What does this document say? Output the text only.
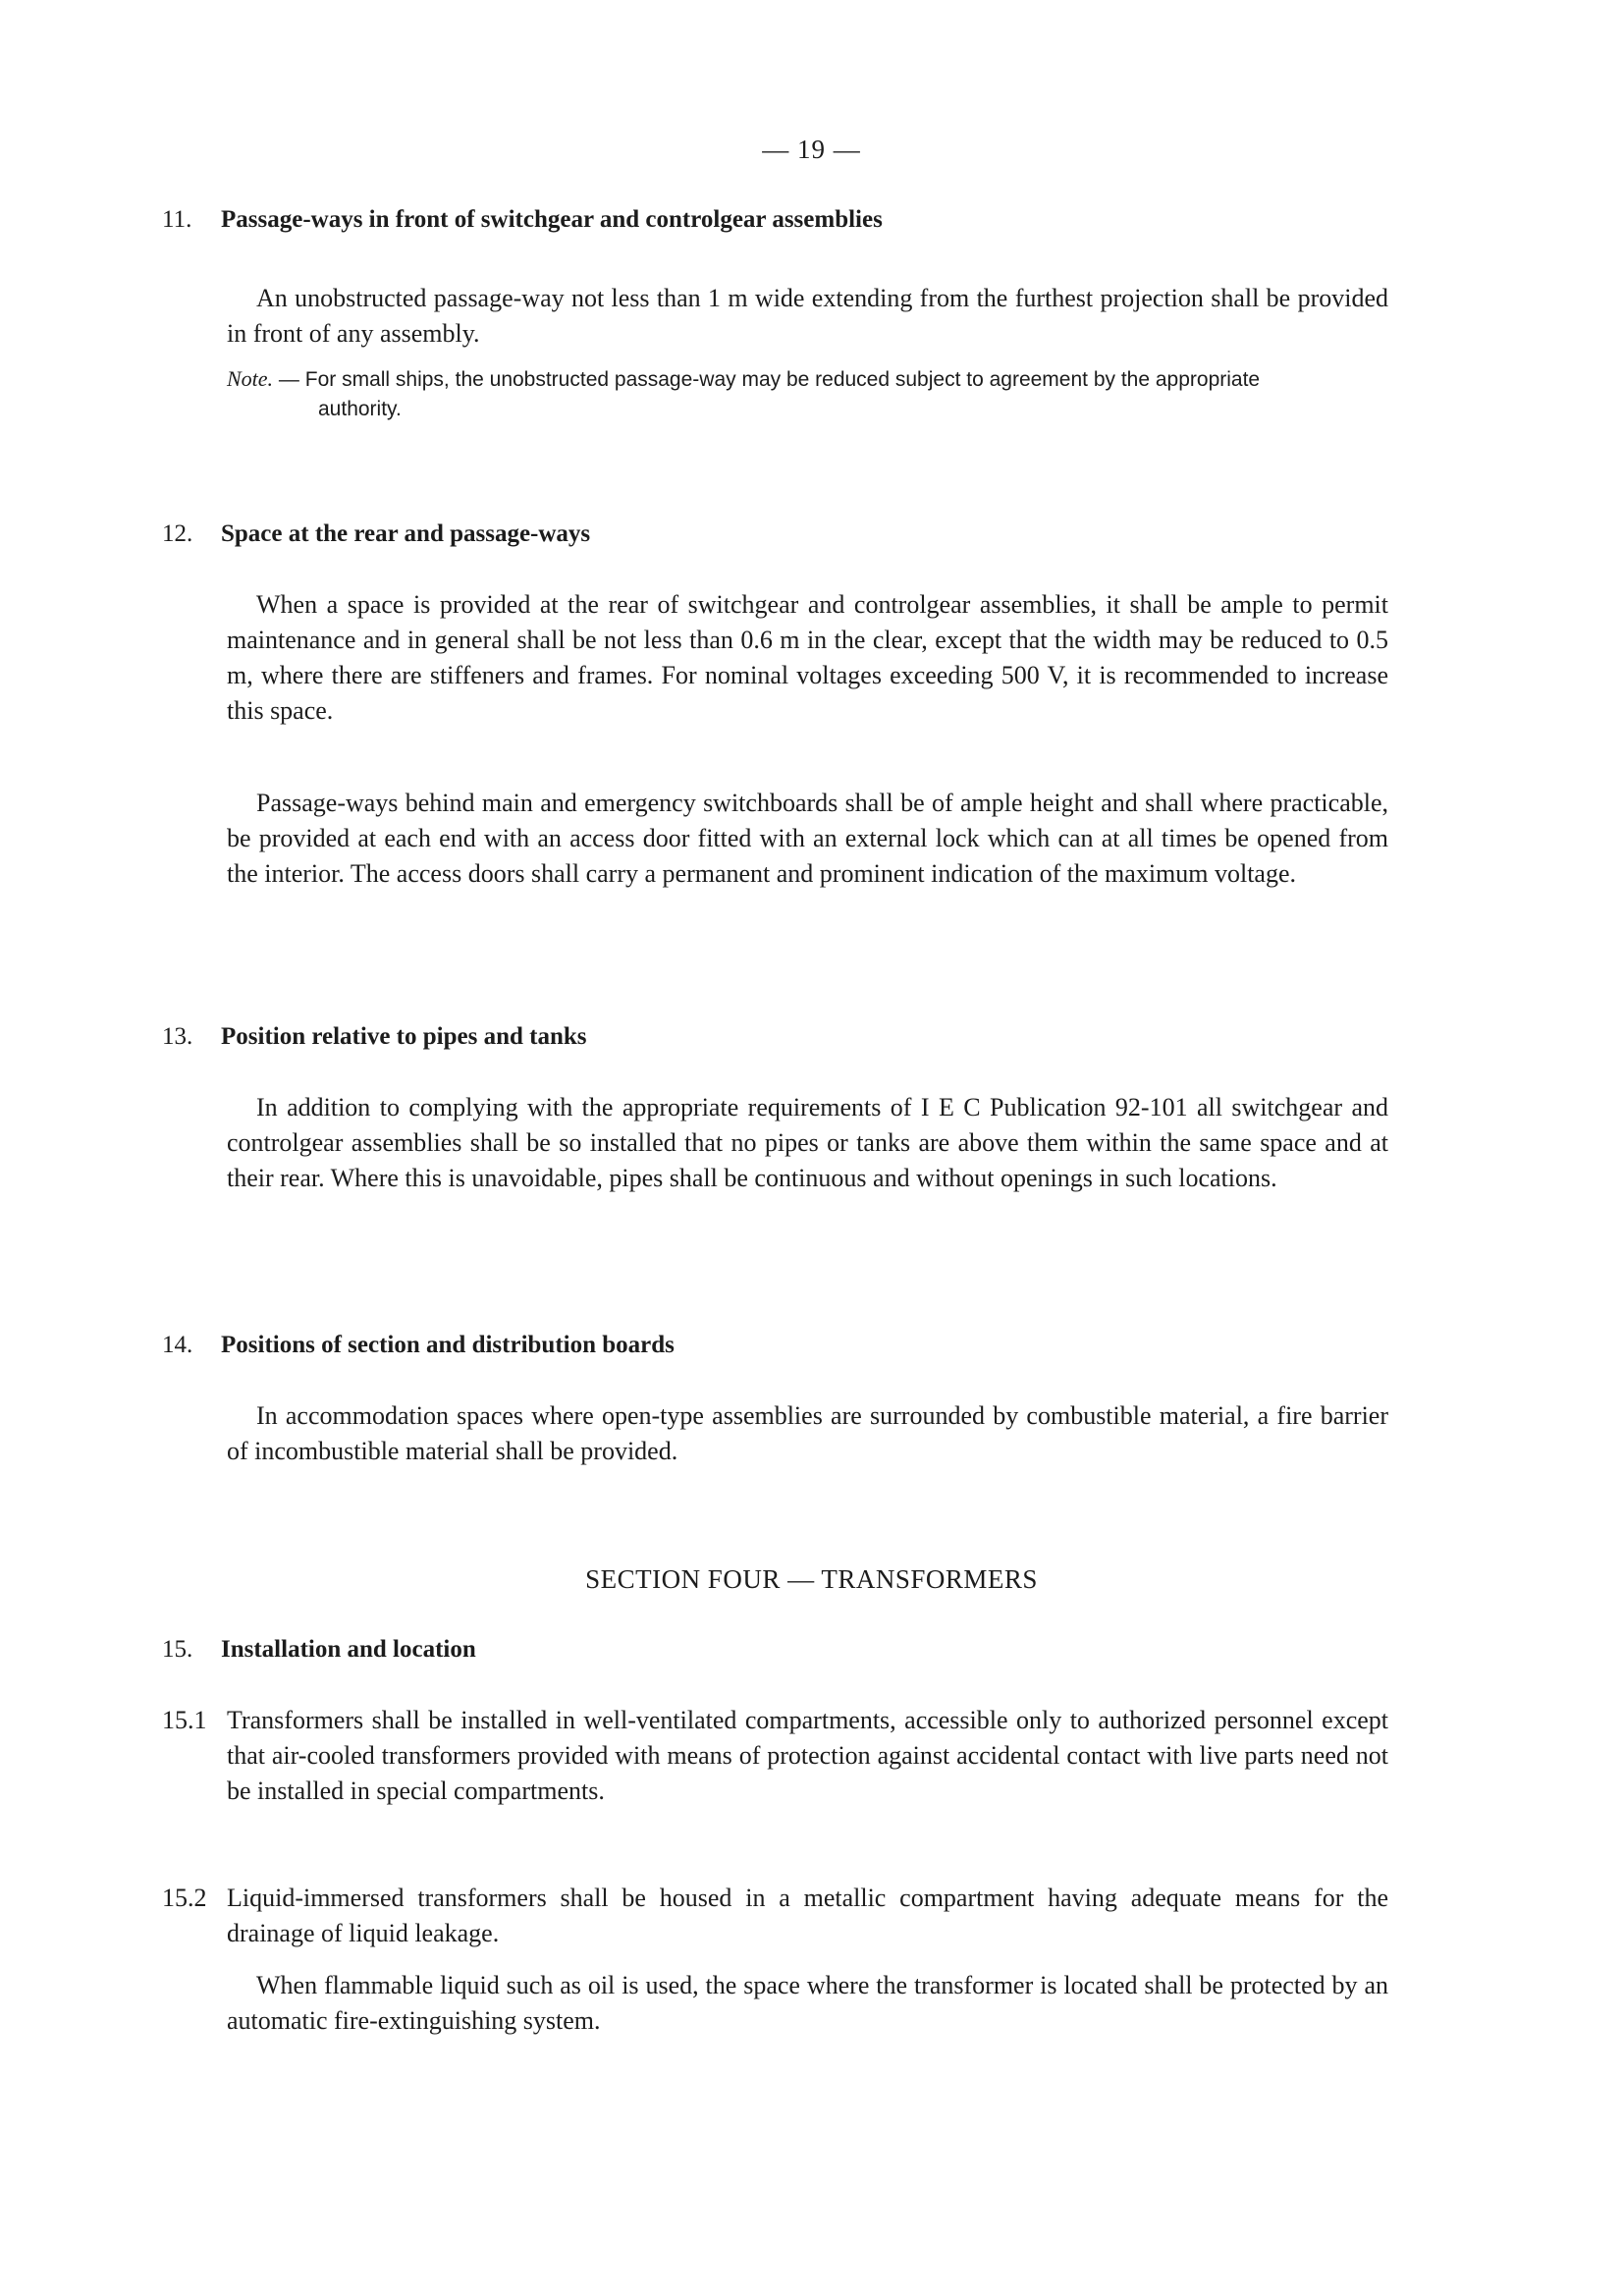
— 19 —
11. Passage-ways in front of switchgear and controlgear assemblies
An unobstructed passage-way not less than 1 m wide extending from the furthest projection shall be provided in front of any assembly.
Note. — For small ships, the unobstructed passage-way may be reduced subject to agreement by the appropriate
authority.
12. Space at the rear and passage-ways
When a space is provided at the rear of switchgear and controlgear assemblies, it shall be ample to permit maintenance and in general shall be not less than 0.6 m in the clear, except that the width may be reduced to 0.5 m, where there are stiffeners and frames. For nominal voltages exceeding 500 V, it is recommended to increase this space.
Passage-ways behind main and emergency switchboards shall be of ample height and shall where practicable, be provided at each end with an access door fitted with an external lock which can at all times be opened from the interior. The access doors shall carry a permanent and prominent indication of the maximum voltage.
13. Position relative to pipes and tanks
In addition to complying with the appropriate requirements of I E C Publication 92-101 all switchgear and controlgear assemblies shall be so installed that no pipes or tanks are above them within the same space and at their rear. Where this is unavoidable, pipes shall be continuous and without openings in such locations.
14. Positions of section and distribution boards
In accommodation spaces where open-type assemblies are surrounded by combustible material, a fire barrier of incombustible material shall be provided.
SECTION FOUR — TRANSFORMERS
15. Installation and location
15.1 Transformers shall be installed in well-ventilated compartments, accessible only to authorized personnel except that air-cooled transformers provided with means of protection against accidental contact with live parts need not be installed in special compartments.
15.2 Liquid-immersed transformers shall be housed in a metallic compartment having adequate means for the drainage of liquid leakage.
When flammable liquid such as oil is used, the space where the transformer is located shall be protected by an automatic fire-extinguishing system.
